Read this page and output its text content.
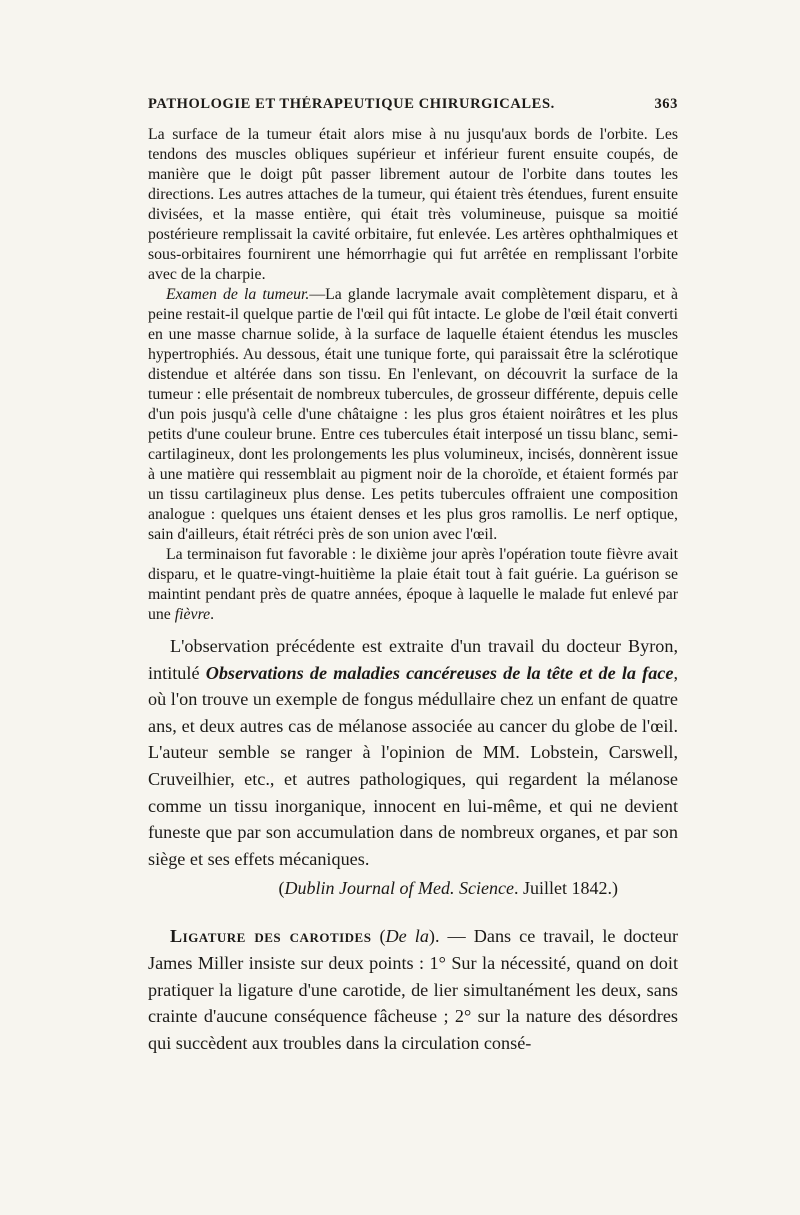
PATHOLOGIE ET THÉRAPEUTIQUE CHIRURGICALES.	363

La surface de la tumeur était alors mise à nu jusqu'aux bords de l'orbite. Les tendons des muscles obliques supérieur et inférieur furent ensuite coupés, de manière que le doigt pût passer librement autour de l'orbite dans toutes les directions. Les autres attaches de la tumeur, qui étaient très étendues, furent ensuite divisées, et la masse entière, qui était très volumineuse, puisque sa moitié postérieure remplissait la cavité orbitaire, fut enlevée. Les artères ophthalmiques et sous-orbitaires fournirent une hémorrhagie qui fut arrêtée en remplissant l'orbite avec de la charpie.

Examen de la tumeur.—La glande lacrymale avait complètement disparu, et à peine restait-il quelque partie de l'œil qui fût intacte. Le globe de l'œil était converti en une masse charnue solide, à la surface de laquelle étaient étendus les muscles hypertrophiés. Au dessous, était une tunique forte, qui paraissait être la sclérotique distendue et altérée dans son tissu. En l'enlevant, on découvrit la surface de la tumeur : elle présentait de nombreux tubercules, de grosseur différente, depuis celle d'un pois jusqu'à celle d'une châtaigne : les plus gros étaient noirâtres et les plus petits d'une couleur brune. Entre ces tubercules était interposé un tissu blanc, semi-cartilagineux, dont les prolongements les plus volumineux, incisés, donnèrent issue à une matière qui ressemblait au pigment noir de la choroïde, et étaient formés par un tissu cartilagineux plus dense. Les petits tubercules offraient une composition analogue : quelques uns étaient denses et les plus gros ramollis. Le nerf optique, sain d'ailleurs, était rétréci près de son union avec l'œil.

La terminaison fut favorable : le dixième jour après l'opération toute fièvre avait disparu, et le quatre-vingt-huitième la plaie était tout à fait guérie. La guérison se maintint pendant près de quatre années, époque à laquelle le malade fut enlevé par une fièvre.

L'observation précédente est extraite d'un travail du docteur Byron, intitulé Observations de maladies cancéreuses de la tête et de la face, où l'on trouve un exemple de fongus médullaire chez un enfant de quatre ans, et deux autres cas de mélanose associée au cancer du globe de l'œil. L'auteur semble se ranger à l'opinion de MM. Lobstein, Carswell, Cruveilhier, etc., et autres pathologiques, qui regardent la mélanose comme un tissu inorganique, innocent en lui-même, et qui ne devient funeste que par son accumulation dans de nombreux organes, et par son siège et ses effets mécaniques.

(Dublin Journal of Med. Science. Juillet 1842.)

Ligature des carotides (De la). — Dans ce travail, le docteur James Miller insiste sur deux points : 1° Sur la nécessité, quand on doit pratiquer la ligature d'une carotide, de lier simultanément les deux, sans crainte d'aucune conséquence fâcheuse ; 2° sur la nature des désordres qui succèdent aux troubles dans la circulation consé-
